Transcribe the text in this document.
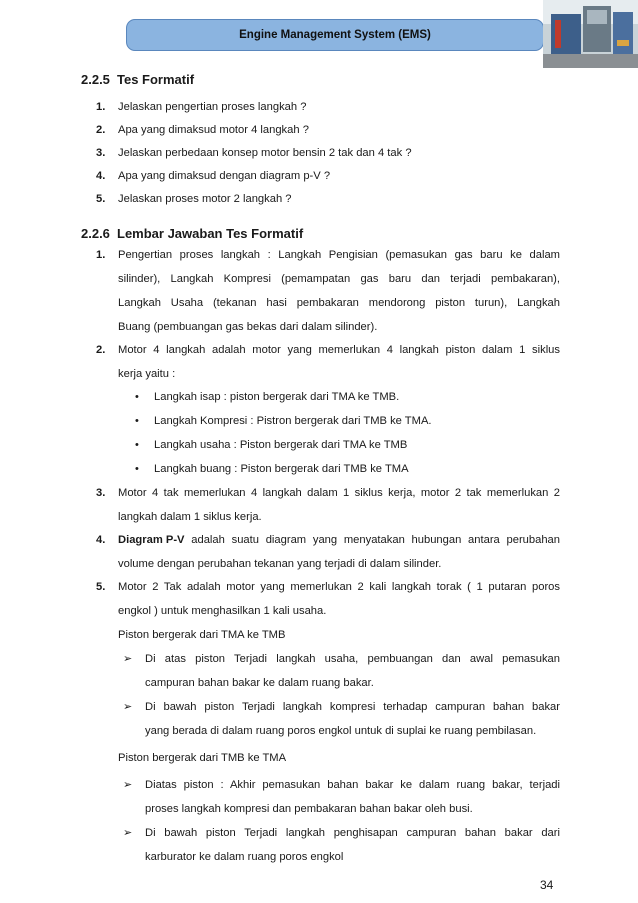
Engine Management System (EMS)
2.2.5 Tes Formatif
1. Jelaskan pengertian proses langkah ?
2. Apa yang dimaksud motor 4 langkah ?
3. Jelaskan perbedaan konsep motor bensin 2 tak dan 4 tak ?
4. Apa yang dimaksud dengan diagram p-V ?
5. Jelaskan proses motor 2 langkah ?
2.2.6 Lembar Jawaban Tes Formatif
1. Pengertian proses langkah : Langkah Pengisian (pemasukan gas baru ke dalam
silinder), Langkah Kompresi (pemampatan gas baru dan terjadi pembakaran),
Langkah Usaha (tekanan hasi pembakaran mendorong piston turun), Langkah
Buang (pembuangan gas bekas dari dalam silinder).
2. Motor 4 langkah adalah motor yang memerlukan 4 langkah piston dalam 1 siklus
kerja yaitu :
• Langkah isap : piston bergerak dari TMA ke TMB.
• Langkah Kompresi : Pistron bergerak dari TMB ke TMA.
• Langkah usaha : Piston bergerak dari TMA ke TMB
• Langkah buang : Piston bergerak dari TMB ke TMA
3. Motor 4 tak memerlukan 4 langkah dalam 1 siklus kerja, motor 2 tak memerlukan 2
langkah dalam 1 siklus kerja.
4. Diagram P-V adalah suatu diagram yang menyatakan hubungan antara perubahan
volume dengan perubahan tekanan yang terjadi di dalam silinder.
5. Motor 2 Tak adalah motor yang memerlukan 2 kali langkah torak ( 1 putaran poros
engkol ) untuk menghasilkan 1 kali usaha.
Piston bergerak dari TMA ke TMB
➢ Di atas piston Terjadi langkah usaha, pembuangan dan awal pemasukan
campuran bahan bakar ke dalam ruang bakar.
➢ Di bawah piston Terjadi langkah kompresi terhadap campuran bahan bakar
yang berada di dalam ruang poros engkol untuk di suplai ke ruang pembilasan.
Piston bergerak dari TMB ke TMA
➢ Diatas piston : Akhir pemasukan bahan bakar ke dalam ruang bakar, terjadi
proses langkah kompresi dan pembakaran bahan bakar oleh busi.
➢ Di bawah piston Terjadi langkah penghisapan campuran bahan bakar dari
karburator ke dalam ruang poros engkol
34
